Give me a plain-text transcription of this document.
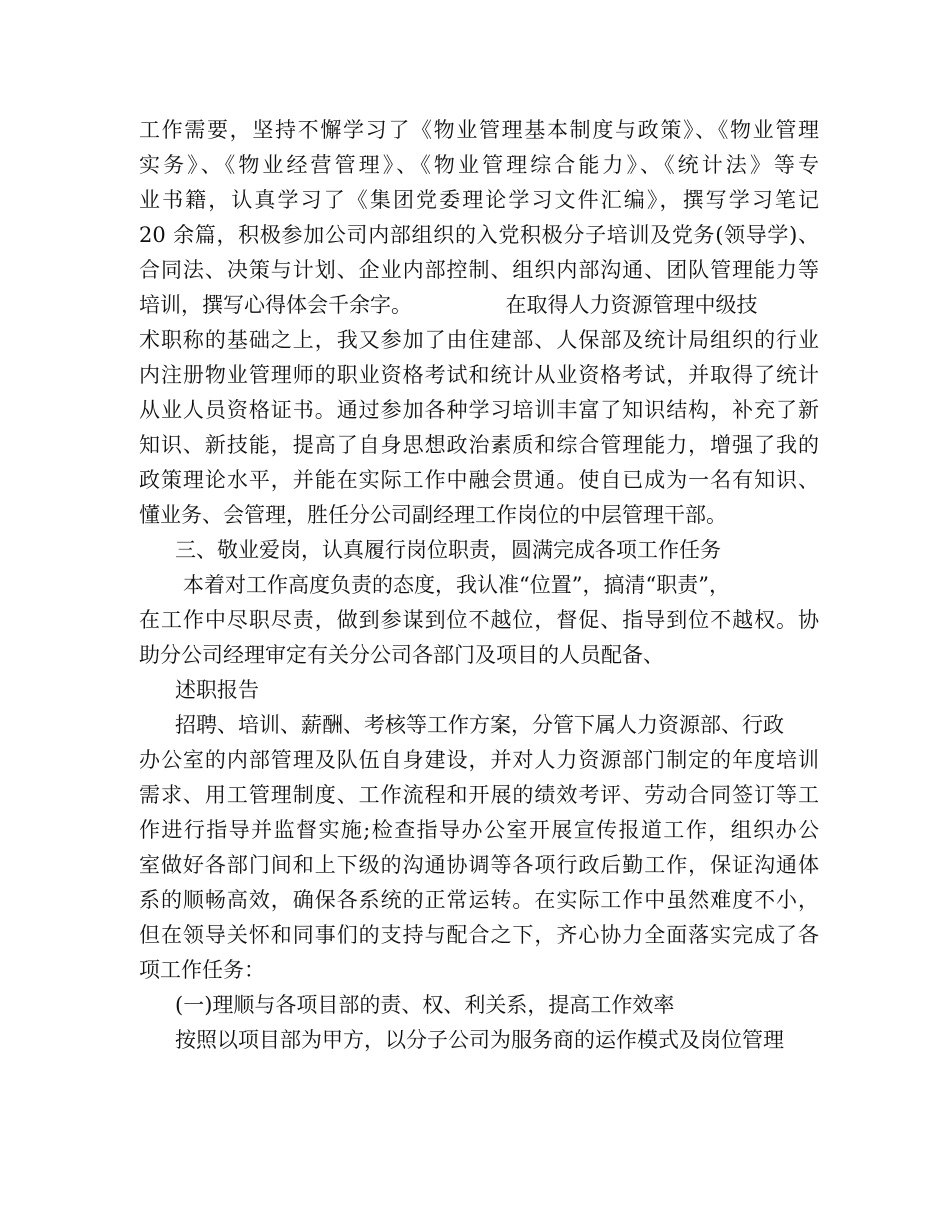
工作需要，坚持不懈学习了《物业管理基本制度与政策》、《物业管理
实务》、《物业经营管理》、《物业管理综合能力》、《统计法》等专
业书籍，认真学习了《集团党委理论学习文件汇编》，撰写学习笔记
20 余篇，积极参加公司内部组织的入党积极分子培训及党务(领导学)、
合同法、决策与计划、企业内部控制、组织内部沟通、团队管理能力等
培训，撰写心得体会千余字。              在取得人力资源管理中级技
术职称的基础之上，我又参加了由住建部、人保部及统计局组织的行业
内注册物业管理师的职业资格考试和统计从业资格考试，并取得了统计
从业人员资格证书。通过参加各种学习培训丰富了知识结构，补充了新
知识、新技能，提高了自身思想政治素质和综合管理能力，增强了我的
政策理论水平，并能在实际工作中融会贯通。使自已成为一名有知识、
懂业务、会管理，胜任分公司副经理工作岗位的中层管理干部。
三、敬业爱岗，认真履行岗位职责，圆满完成各项工作任务
本着对工作高度负责的态度，我认准“位置”，搞清“职责”，
在工作中尽职尽责，做到参谋到位不越位，督促、指导到位不越权。协
助分公司经理审定有关分公司各部门及项目的人员配备、
述职报告
招聘、培训、薪酬、考核等工作方案，分管下属人力资源部、行政
办公室的内部管理及队伍自身建设，并对人力资源部门制定的年度培训
需求、用工管理制度、工作流程和开展的绩效考评、劳动合同签订等工
作进行指导并监督实施;检查指导办公室开展宣传报道工作，组织办公
室做好各部门间和上下级的沟通协调等各项行政后勤工作，保证沟通体
系的顺畅高效，确保各系统的正常运转。在实际工作中虽然难度不小，
但在领导关怀和同事们的支持与配合之下，齐心协力全面落实完成了各
项工作任务：
(一)理顺与各项目部的责、权、利关系，提高工作效率
按照以项目部为甲方，以分子公司为服务商的运作模式及岗位管理
